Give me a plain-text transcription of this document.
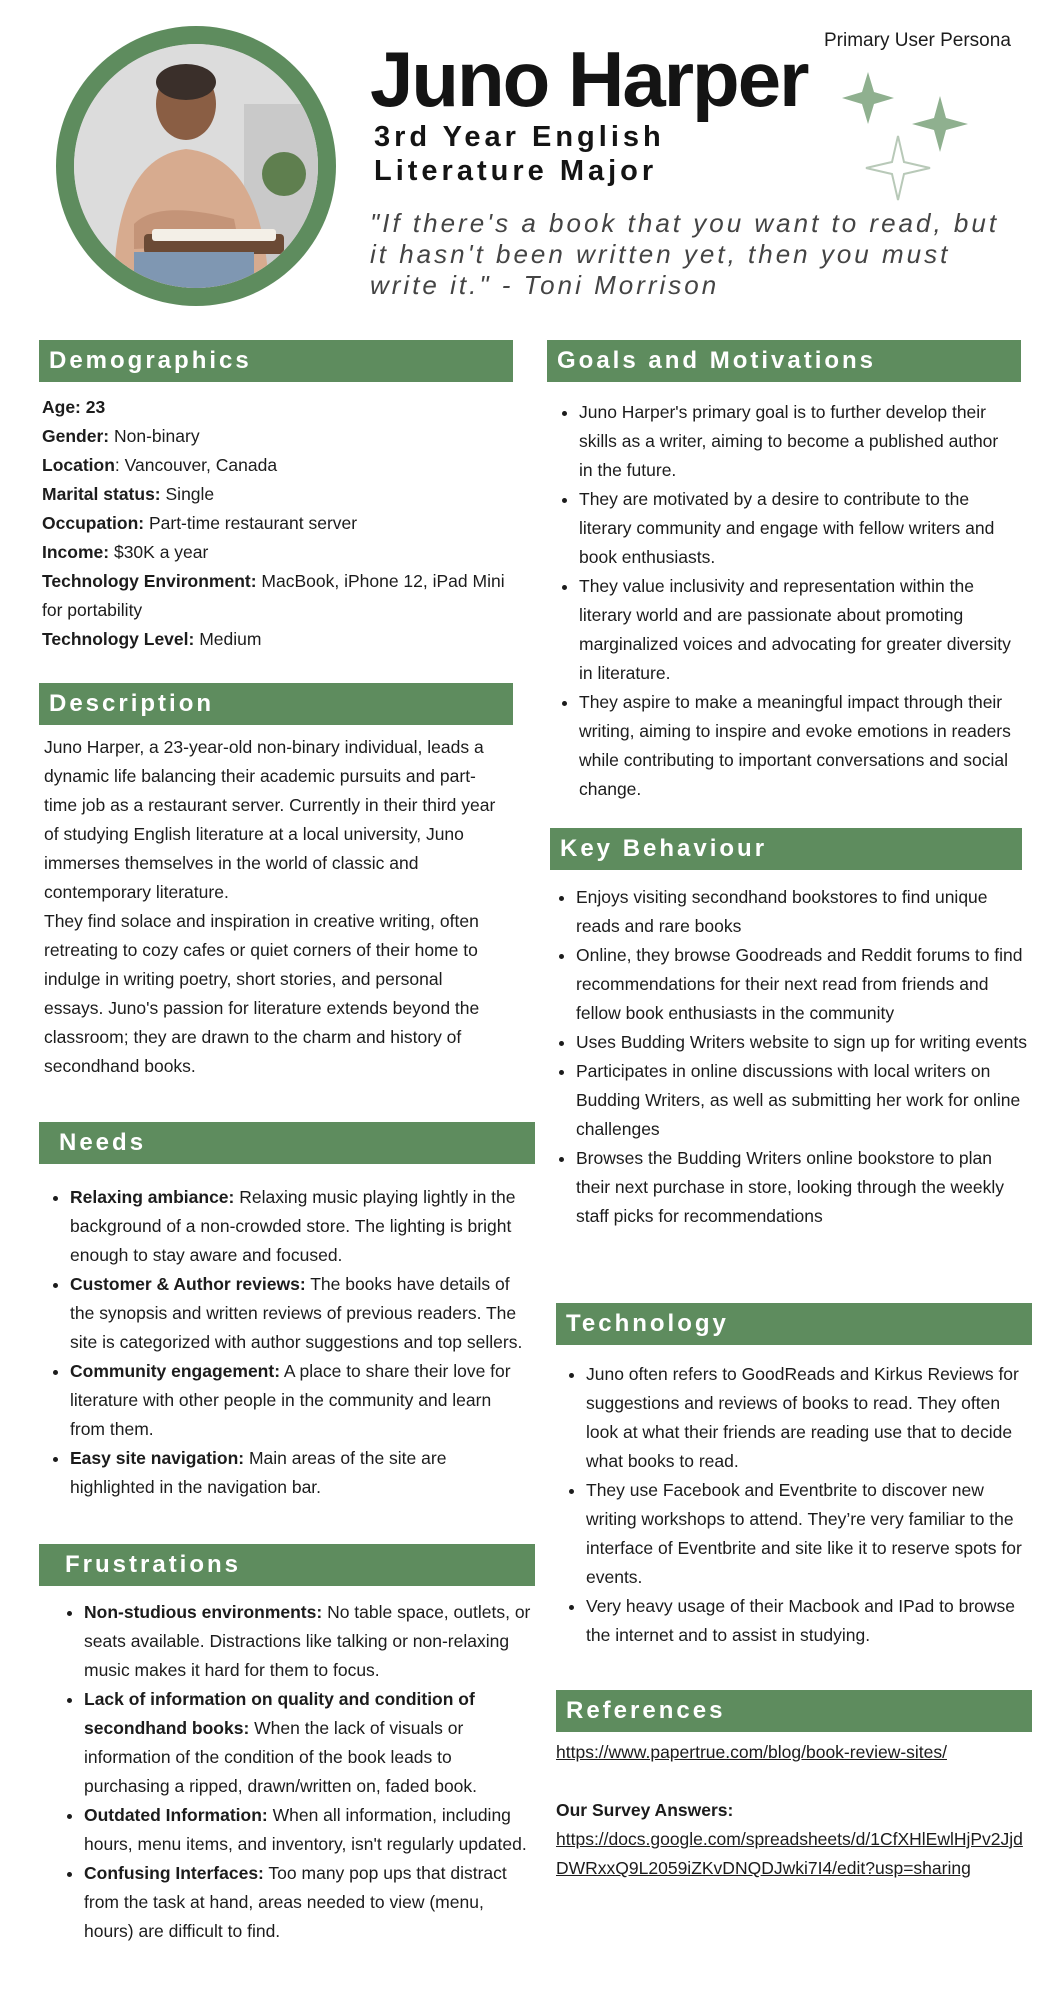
Primary User Persona
Juno Harper
3rd Year English
Literature Major
"If there's a book that you want to read, but it hasn't been written yet, then you must write it." - Toni Morrison
Demographics
Age: 23
Gender: Non-binary
Location: Vancouver, Canada
Marital status: Single
Occupation: Part-time restaurant server
Income: $30K a year
Technology Environment: MacBook, iPhone 12, iPad Mini for portability
Technology Level: Medium
Description
Juno Harper, a 23-year-old non-binary individual, leads a dynamic life balancing their academic pursuits and part-time job as a restaurant server. Currently in their third year of studying English literature at a local university, Juno immerses themselves in the world of classic and contemporary literature.
They find solace and inspiration in creative writing, often retreating to cozy cafes or quiet corners of their home to indulge in writing poetry, short stories, and personal essays. Juno's passion for literature extends beyond the classroom; they are drawn to the charm and history of secondhand books.
Needs
• Relaxing ambiance: Relaxing music playing lightly in the background of a non-crowded store. The lighting is bright enough to stay aware and focused.
• Customer & Author reviews: The books have details of the synopsis and written reviews of previous readers. The site is categorized with author suggestions and top sellers.
• Community engagement: A place to share their love for literature with other people in the community and learn from them.
• Easy site navigation: Main areas of the site are highlighted in the navigation bar.
Frustrations
• Non-studious environments: No table space, outlets, or seats available. Distractions like talking or non-relaxing music makes it hard for them to focus.
• Lack of information on quality and condition of secondhand books: When the lack of visuals or information of the condition of the book leads to purchasing a ripped, drawn/written on, faded book.
• Outdated Information: When all information, including hours, menu items, and inventory, isn't regularly updated.
• Confusing Interfaces: Too many pop ups that distract from the task at hand, areas needed to view (menu, hours) are difficult to find.
Goals and Motivations
• Juno Harper's primary goal is to further develop their skills as a writer, aiming to become a published author in the future.
• They are motivated by a desire to contribute to the literary community and engage with fellow writers and book enthusiasts.
• They value inclusivity and representation within the literary world and are passionate about promoting marginalized voices and advocating for greater diversity in literature.
• They aspire to make a meaningful impact through their writing, aiming to inspire and evoke emotions in readers while contributing to important conversations and social change.
Key Behaviour
• Enjoys visiting secondhand bookstores to find unique reads and rare books
• Online, they browse Goodreads and Reddit forums to find recommendations for their next read from friends and fellow book enthusiasts in the community
• Uses Budding Writers website to sign up for writing events
• Participates in online discussions with local writers on Budding Writers, as well as submitting her work for online challenges
• Browses the Budding Writers online bookstore to plan their next purchase in store, looking through the weekly staff picks for recommendations
Technology
• Juno often refers to GoodReads and Kirkus Reviews for suggestions and reviews of books to read. They often look at what their friends are reading use that to decide what books to read.
• They use Facebook and Eventbrite to discover new writing workshops to attend. They’re very familiar to the interface of Eventbrite and site like it to reserve spots for events.
• Very heavy usage of their Macbook and IPad to browse the internet and to assist in studying.
References
https://www.papertrue.com/blog/book-review-sites/
Our Survey Answers:
https://docs.google.com/spreadsheets/d/1CfXHlEwlHjPv2JjdDWRxxQ9L2059iZKvDNQDJwki7I4/edit?usp=sharing
